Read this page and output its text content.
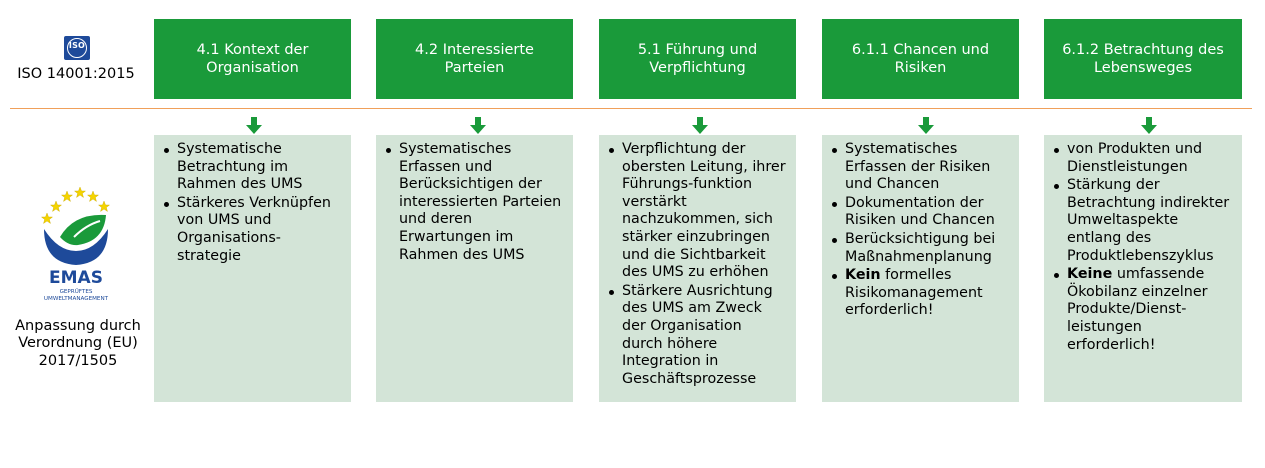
ISO
ISO 14001:2015
EMAS
GEPRÜFTES
UMWELTMANAGEMENT
Anpassung durch
Verordnung (EU)
2017/1505
4.1 Kontext der
Organisation
Systematische Betrachtung im Rahmen des UMS
Stärkeres Verknüpfen von UMS und Organisations-strategie
4.2 Interessierte
Parteien
Systematisches Erfassen und Berücksichtigen der interessierten Parteien und deren Erwartungen im Rahmen des UMS
5.1 Führung und
Verpflichtung
Verpflichtung der obersten Leitung, ihrer Führungs-funktion verstärkt nachzukommen, sich stärker einzubringen und die Sichtbarkeit des UMS zu erhöhen
Stärkere Ausrichtung des UMS am Zweck der Organisation durch höhere Integration in Geschäftsprozesse
6.1.1 Chancen und
Risiken
Systematisches Erfassen der Risiken und Chancen
Dokumentation der Risiken und Chancen
Berücksichtigung bei Maßnahmenplanung
Kein formelles Risikomanagement erforderlich!
6.1.2 Betrachtung des
Lebensweges
von Produkten und Dienstleistungen
Stärkung der Betrachtung indirekter Umweltaspekte entlang des Produktlebenszyklus
Keine umfassende Ökobilanz einzelner Produkte/Dienst-leistungen erforderlich!
